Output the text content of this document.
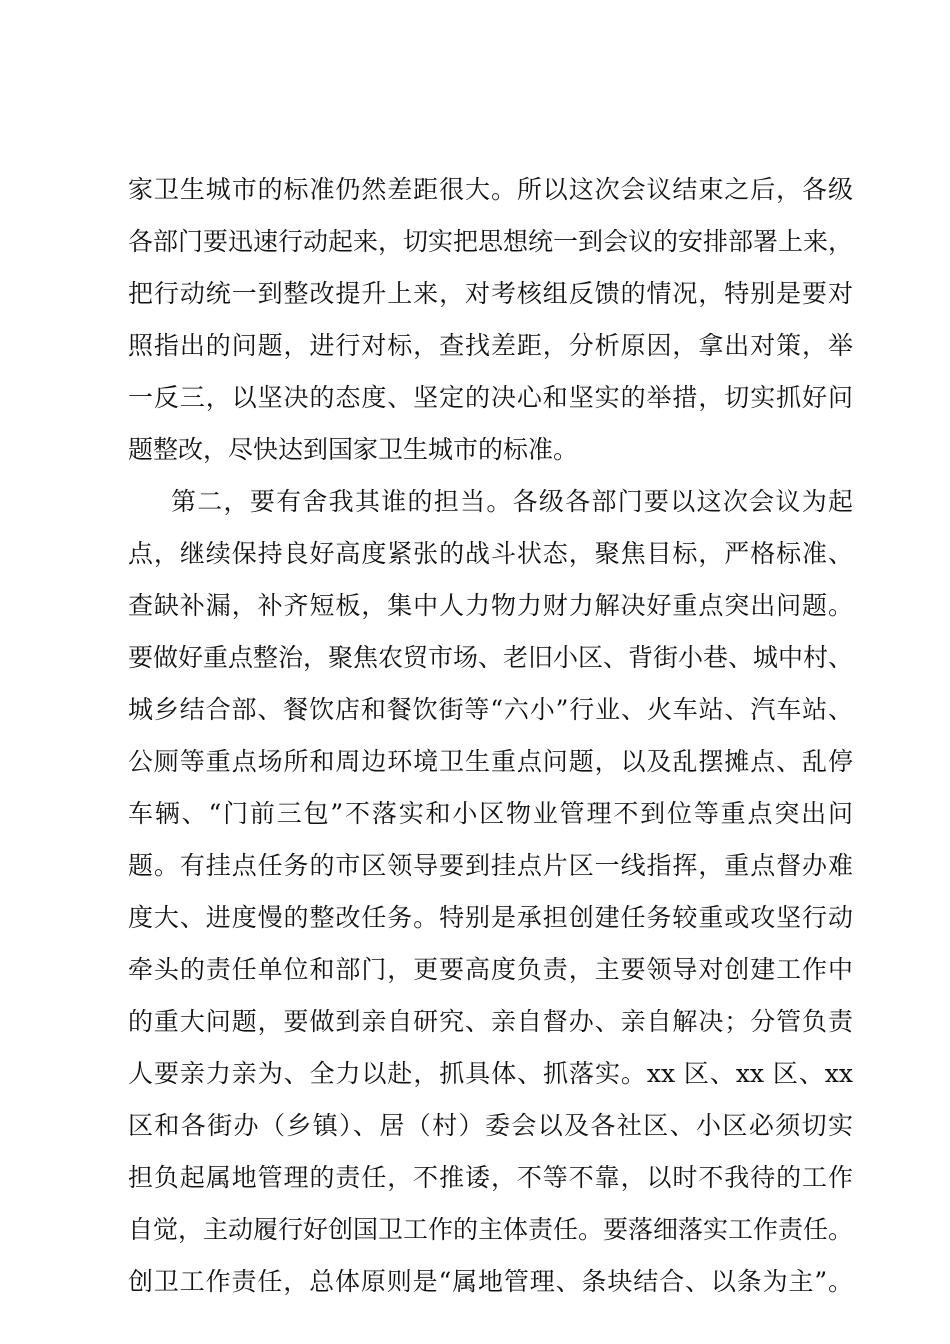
家卫生城市的标准仍然差距很大。所以这次会议结束之后，各级
各部门要迅速行动起来，切实把思想统一到会议的安排部署上来，
把行动统一到整改提升上来，对考核组反馈的情况，特别是要对
照指出的问题，进行对标，查找差距，分析原因，拿出对策，举
一反三，以坚决的态度、坚定的决心和坚实的举措，切实抓好问
题整改，尽快达到国家卫生城市的标准。
第二，要有舍我其谁的担当。各级各部门要以这次会议为起
点，继续保持良好高度紧张的战斗状态，聚焦目标，严格标准、
查缺补漏，补齐短板，集中人力物力财力解决好重点突出问题。
要做好重点整治，聚焦农贸市场、老旧小区、背街小巷、城中村、
城乡结合部、餐饮店和餐饮街等“六小”行业、火车站、汽车站、
公厕等重点场所和周边环境卫生重点问题，以及乱摆摊点、乱停
车辆、“门前三包”不落实和小区物业管理不到位等重点突出问
题。有挂点任务的市区领导要到挂点片区一线指挥，重点督办难
度大、进度慢的整改任务。特别是承担创建任务较重或攻坚行动
牵头的责任单位和部门，更要高度负责，主要领导对创建工作中
的重大问题，要做到亲自研究、亲自督办、亲自解决；分管负责
人要亲力亲为、全力以赴，抓具体、抓落实。xx 区、xx 区、xx
区和各街办（乡镇）、居（村）委会以及各社区、小区必须切实
担负起属地管理的责任，不推诿，不等不靠，以时不我待的工作
自觉，主动履行好创国卫工作的主体责任。要落细落实工作责任。
创卫工作责任，总体原则是“属地管理、条块结合、以条为主”。
